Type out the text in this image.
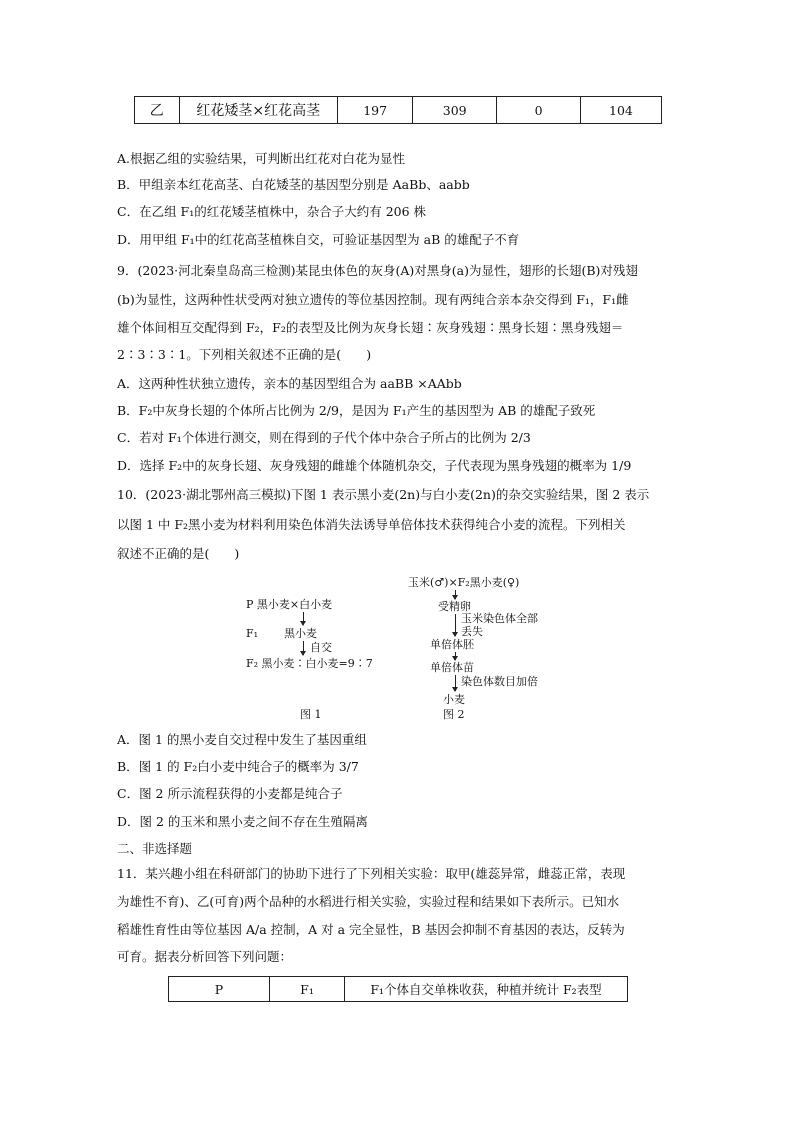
乙	红花矮茎×红花高茎	197	309	0	104
A.根据乙组的实验结果，可判断出红花对白花为显性
B．甲组亲本红花高茎、白花矮茎的基因型分别是 AaBb、aabb
C．在乙组 F₁的红花矮茎植株中，杂合子大约有 206 株
D．用甲组 F₁中的红花高茎植株自交，可验证基因型为 aB 的雄配子不育
9．(2023·河北秦皇岛高三检测)某昆虫体色的灰身(A)对黑身(a)为显性，翅形的长翅(B)对残翅
(b)为显性，这两种性状受两对独立遗传的等位基因控制。现有两纯合亲本杂交得到 F₁，F₁雌
雄个体间相互交配得到 F₂，F₂的表型及比例为灰身长翅∶灰身残翅∶黑身长翅∶黑身残翅＝
2∶3∶3∶1。下列相关叙述不正确的是(　　)
A．这两种性状独立遗传，亲本的基因型组合为 aaBB ×AAbb
B．F₂中灰身长翅的个体所占比例为 2/9，是因为 F₁产生的基因型为 AB 的雄配子致死
C．若对 F₁个体进行测交，则在得到的子代个体中杂合子所占的比例为 2/3
D．选择 F₂中的灰身长翅、灰身残翅的雌雄个体随机杂交，子代表现为黑身残翅的概率为 1/9
10．(2023·湖北鄂州高三模拟)下图 1 表示黑小麦(2n)与白小麦(2n)的杂交实验结果，图 2 表示
以图 1 中 F₂黑小麦为材料利用染色体消失法诱导单倍体技术获得纯合小麦的流程。下列相关
叙述不正确的是(　　)
P 黑小麦×白小麦
F₁ 黑小麦
自交
F₂ 黑小麦∶白小麦=9∶7
图 1
玉米(♂)×F₂黑小麦(♀)
受精卵
玉米染色体全部
丢失
单倍体胚
单倍体苗
染色体数目加倍
小麦
图 2
A．图 1 的黑小麦自交过程中发生了基因重组
B．图 1 的 F₂白小麦中纯合子的概率为 3/7
C．图 2 所示流程获得的小麦都是纯合子
D．图 2 的玉米和黑小麦之间不存在生殖隔离
二、非选择题
11．某兴趣小组在科研部门的协助下进行了下列相关实验：取甲(雄蕊异常，雌蕊正常，表现
为雄性不育)、乙(可育)两个品种的水稻进行相关实验，实验过程和结果如下表所示。已知水
稻雄性育性由等位基因 A/a 控制，A 对 a 完全显性，B 基因会抑制不育基因的表达，反转为
可育。据表分析回答下列问题：
P	F₁	F₁个体自交单株收获，种植并统计 F₂表型
